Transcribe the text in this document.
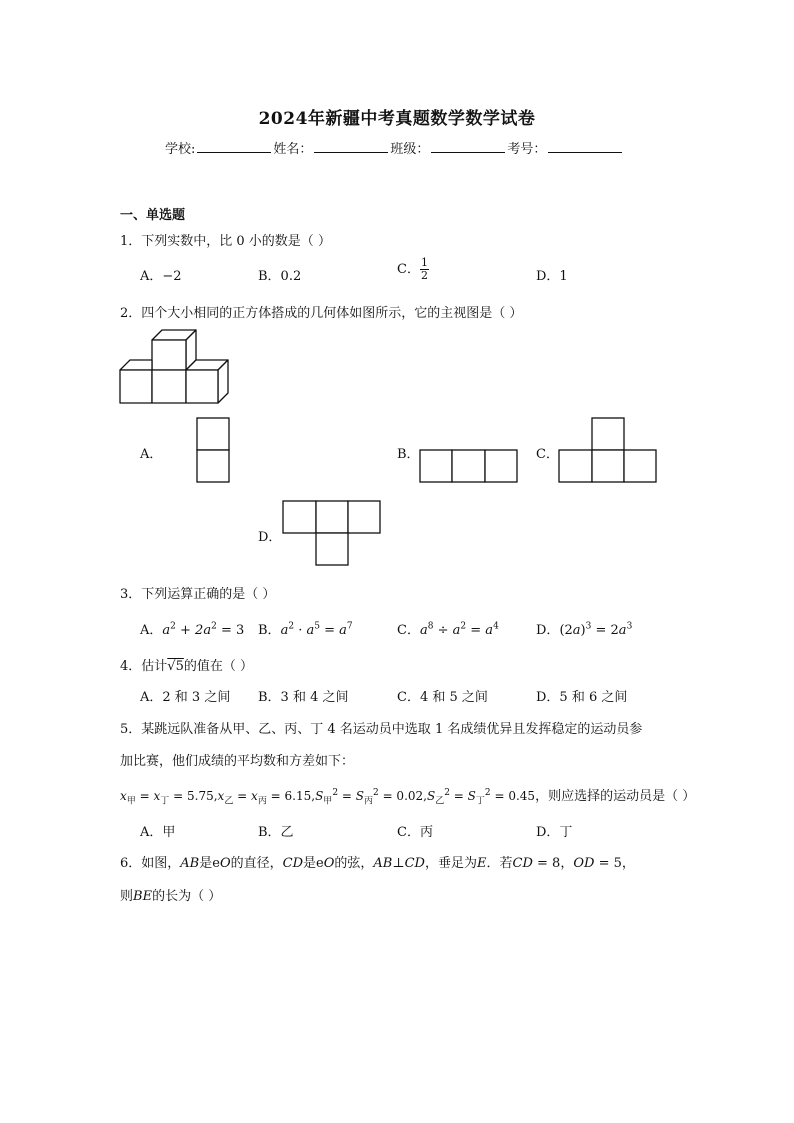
2024年新疆中考真题数学数学试卷
学校:	姓名：	班级：	考号：
一、单选题
1．下列实数中，比 0 小的数是（ ）
A．−2	B．0.2	C． $\frac{1}{2}$	D．1
2．四个大小相同的正方体搭成的几何体如图所示，它的主视图是（ ）
A．	B．	C．
D．
3．下列运算正确的是（ ）
A．$a^2 + 2a^2 = 3$ B．$a^2 \cdot a^5 = a^7$	C．$a^8 \div a^2 = a^4$	D．$(2a)^3 = 2a^3$
4．估计√5的值在（ ）
A．2 和 3 之间 B．3 和 4 之间	C．4 和 5 之间	D．5 和 6 之间
5．某跳远队准备从甲、乙、丙、丁 4 名运动员中选取 1 名成绩优异且发挥稳定的运动员参
加比赛，他们成绩的平均数和方差如下：
$x_甲 = x_丁 = 5.75,x_乙 = x_丙 = 6.15,S_甲^2 = S_丙^2 = 0.02,S_乙^2 = S_丁^2 = 0.45$，则应选择的运动员是（ ）
A．甲	B．乙	C．丙	D．丁
6．如图，AB是eO的直径，CD是eO的弦，AB⊥CD，垂足为E．若CD = 8，OD = 5，
则BE的长为（ ）
